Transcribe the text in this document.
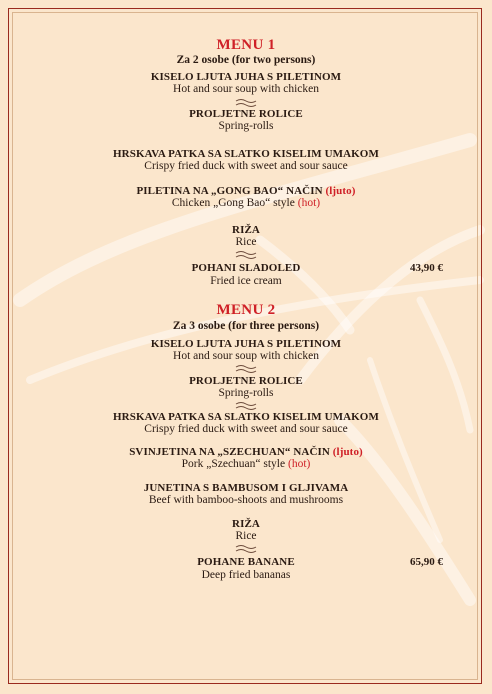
MENU 1
Za 2 osobe (for two persons)
KISELO LJUTA JUHA S PILETINOM
Hot and sour soup with chicken
PROLJETNE ROLICE
Spring-rolls
HRSKAVA PATKA SA SLATKO KISELIM UMAKOM
Crispy fried duck with sweet and sour sauce
PILETINA NA „GONG BAO“ NAČIN (ljuto)
Chicken „Gong Bao“ style (hot)
RIŽA
Rice
POHANI SLADOLED	43,90 €
Fried ice cream
MENU 2
Za 3 osobe (for three persons)
KISELO LJUTA JUHA S PILETINOM
Hot and sour soup with chicken
PROLJETNE ROLICE
Spring-rolls
HRSKAVA PATKA SA SLATKO KISELIM UMAKOM
Crispy fried duck with sweet and sour sauce
SVINJETINA NA „SZECHUAN“ NAČIN (ljuto)
Pork „Szechuan“ style (hot)
JUNETINA S BAMBUSOM I GLJIVAMA
Beef with bamboo-shoots and mushrooms
RIŽA
Rice
POHANE BANANE	65,90 €
Deep fried bananas
